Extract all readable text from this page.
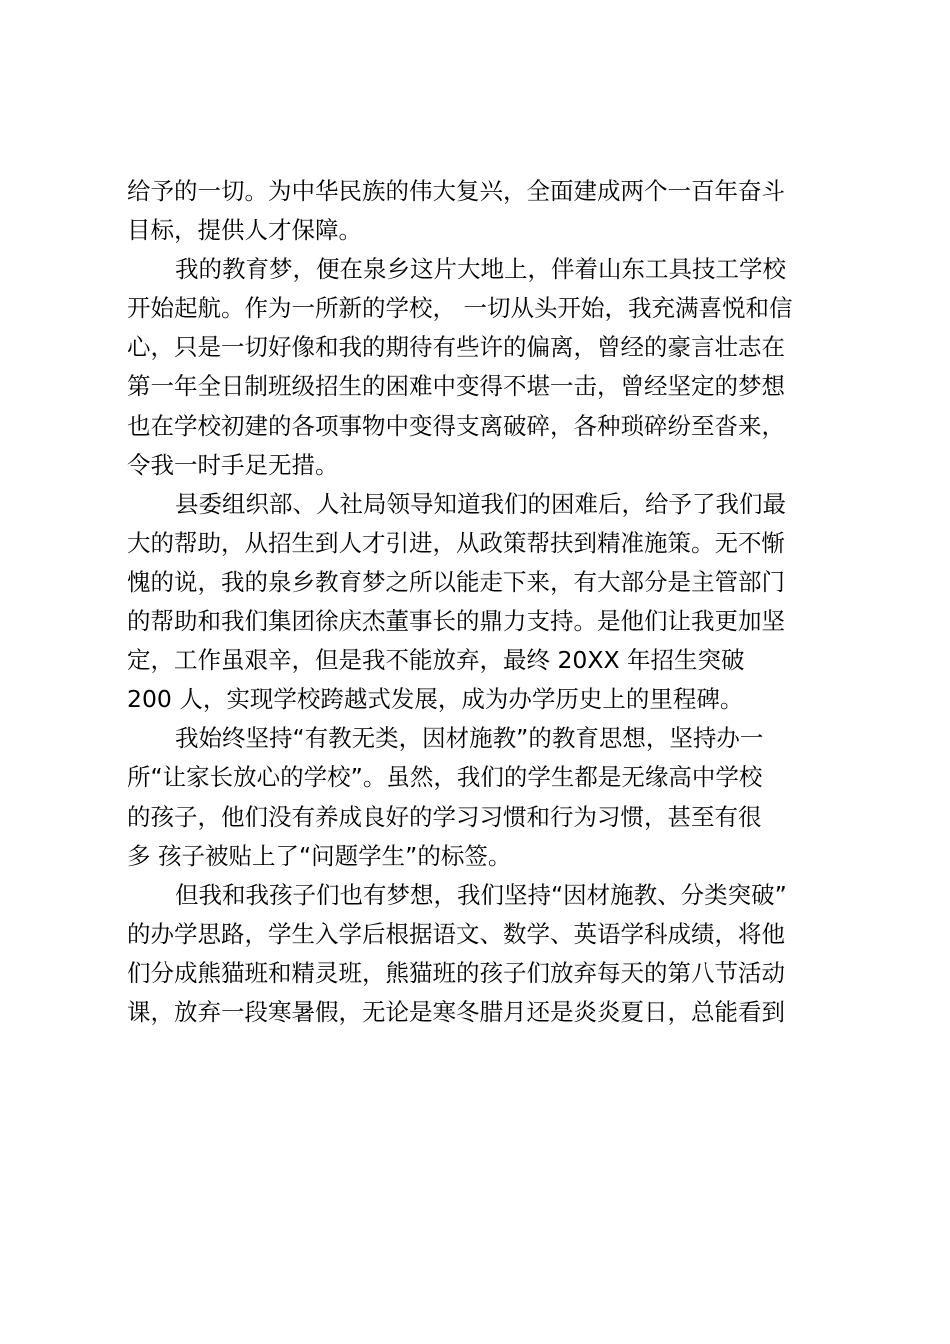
给予的一切。为中华民族的伟大复兴，全面建成两个一百年奋斗
目标，提供人才保障。
我的教育梦，便在泉乡这片大地上，伴着山东工具技工学校
开始起航。作为一所新的学校， 一切从头开始，我充满喜悦和信
心，只是一切好像和我的期待有些许的偏离，曾经的豪言壮志在
第一年全日制班级招生的困难中变得不堪一击，曾经坚定的梦想
也在学校初建的各项事物中变得支离破碎，各种琐碎纷至沓来，
令我一时手足无措。
县委组织部、人社局领导知道我们的困难后，给予了我们最
大的帮助，从招生到人才引进，从政策帮扶到精准施策。无不惭
愧的说，我的泉乡教育梦之所以能走下来，有大部分是主管部门
的帮助和我们集团徐庆杰董事长的鼎力支持。是他们让我更加坚
定，工作虽艰辛，但是我不能放弃，最终 20XX 年招生突破
200 人，实现学校跨越式发展，成为办学历史上的里程碑。
我始终坚持“有教无类，因材施教”的教育思想，坚持办一
所“让家长放心的学校”。虽然，我们的学生都是无缘高中学校
的孩子，他们没有养成良好的学习习惯和行为习惯，甚至有很
多 孩子被贴上了“问题学生”的标签。
但我和我孩子们也有梦想，我们坚持“因材施教、分类突破”
的办学思路，学生入学后根据语文、数学、英语学科成绩，将他
们分成熊猫班和精灵班，熊猫班的孩子们放弃每天的第八节活动
课，放弃一段寒暑假，无论是寒冬腊月还是炎炎夏日，总能看到
